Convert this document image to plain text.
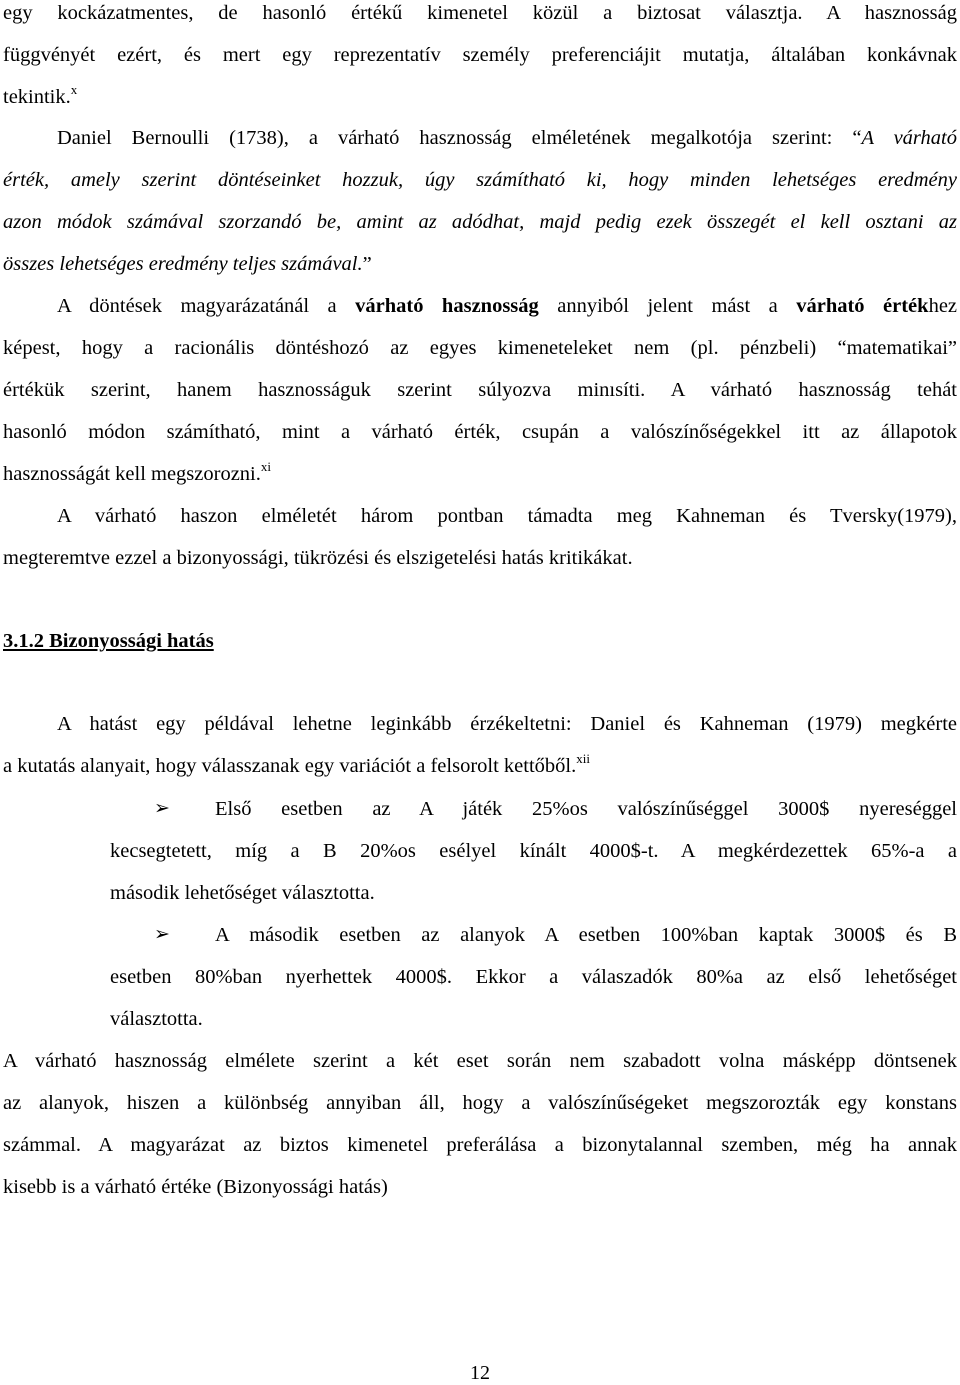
egy kockázatmentes, de hasonló értékű kimenetel közül a biztosat választja. A hasznosság
függvényét ezért, és mert egy reprezentatív személy preferenciájit mutatja, általában konkávnak
tekintik.$^x$
Daniel Bernoulli (1738), a várható hasznosság elméletének megalkotója szerint: “A várható
érték, amely szerint döntéseinket hozzuk, úgy számítható ki, hogy minden lehetséges eredmény
azon módok számával szorzandó be, amint az adódhat, majd pedig ezek összegét el kell osztani az
összes lehetséges eredmény teljes számával.”
A döntések magyarázatánál a várható hasznosság annyiból jelent mást a várható értékhez
képest, hogy a racionális döntéshozó az egyes kimeneteleket nem (pl. pénzbeli) “matematikai”
értékük szerint, hanem hasznosságuk szerint súlyozva minısíti. A várható hasznosság tehát
hasonló módon számítható, mint a várható érték, csupán a valószínőségekkel itt az állapotok
hasznosságát kell megszorozni.$^{xi}$
A várható haszon elméletét három pontban támadta meg Kahneman és Tversky(1979),
megteremtve ezzel a bizonyossági, tükrözési és elszigetelési hatás kritikákat.
3.1.2 Bizonyossági hatás
A hatást egy példával lehetne leginkább érzékeltetni: Daniel és Kahneman (1979) megkérte
a kutatás alanyait, hogy válasszanak egy variációt a felsorolt kettőből.$^{xii}$
➢ Első esetben az A játék 25%os valószínűséggel 3000$ nyereséggel
kecsegtetett, míg a B 20%os esélyel kínált 4000$-t. A megkérdezettek 65%-a a
második lehetőséget választotta.
➢ A második esetben az alanyok A esetben 100%ban kaptak 3000$ és B
esetben 80%ban nyerhettek 4000$. Ekkor a válaszadók 80%a az első lehetőséget
választotta.
A várható hasznosság elmélete szerint a két eset során nem szabadott volna másképp döntsenek
az alanyok, hiszen a különbség annyiban áll, hogy a valószínűségeket megszorozták egy konstans
számmal. A magyarázat az biztos kimenetel preferálása a bizonytalannal szemben, még ha annak
kisebb is a várható értéke (Bizonyossági hatás)
12
